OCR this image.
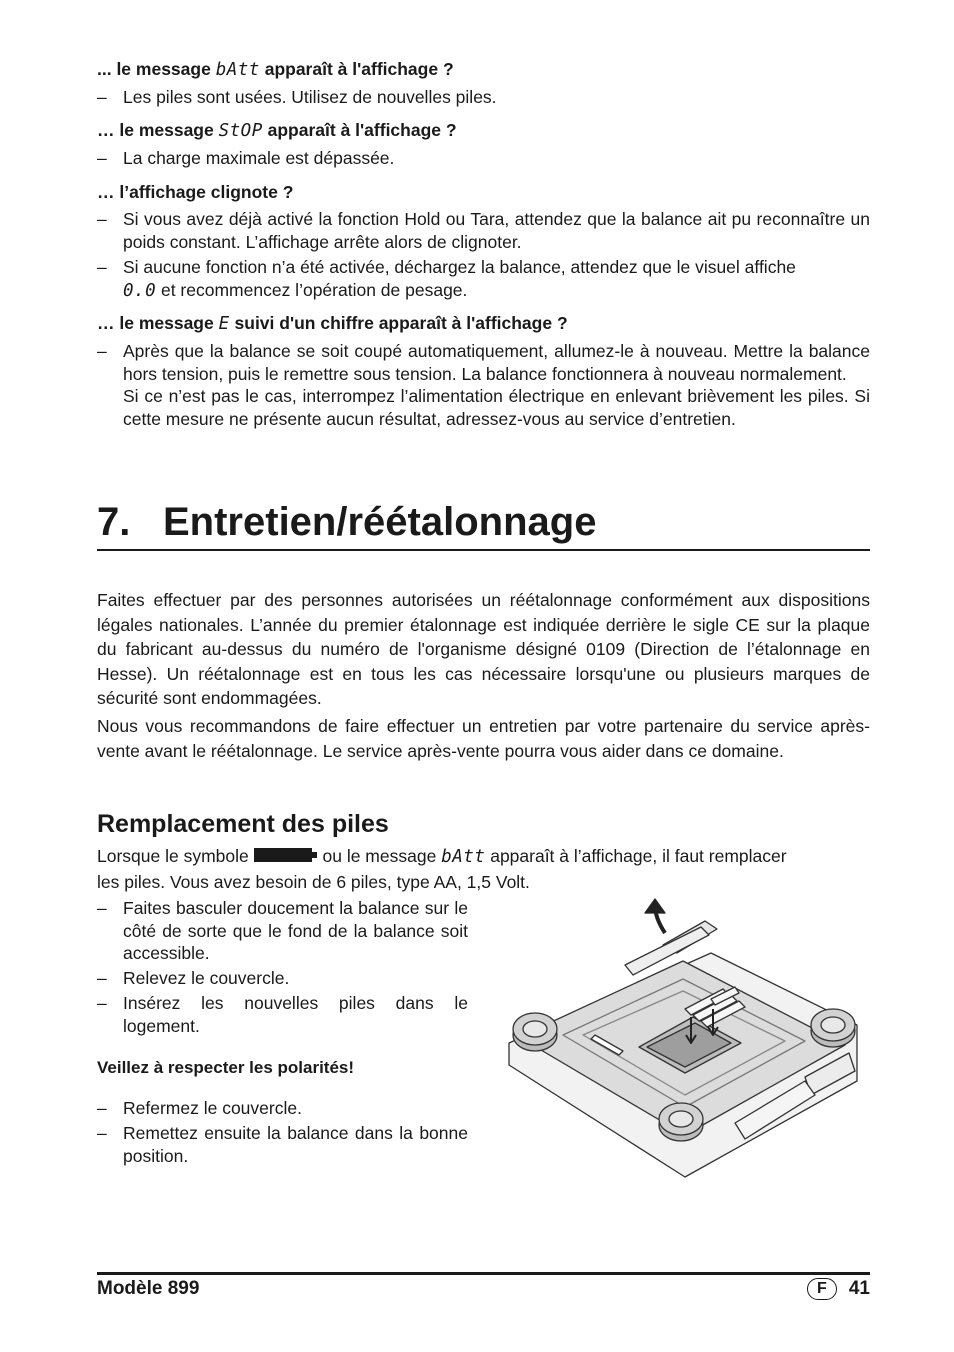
... le message bAtt apparaît à l'affichage ?
– Les piles sont usées. Utilisez de nouvelles piles.
… le message StOP apparaît à l'affichage ?
– La charge maximale est dépassée.
… l’affichage clignote ?
– Si vous avez déjà activé la fonction Hold ou Tara, attendez que la balance ait pu reconnaître un poids constant. L’affichage arrête alors de clignoter.
– Si aucune fonction n’a été activée, déchargez la balance, attendez que le visuel affiche
0.0 et recommencez l’opération de pesage.
… le message E suivi d'un chiffre apparaît à l'affichage ?
– Après que la balance se soit coupé automatiquement, allumez-le à nouveau. Mettre la balance hors tension, puis le remettre sous tension. La balance fonctionnera à nouveau normalement.
Si ce n’est pas le cas, interrompez l’alimentation électrique en enlevant brièvement les piles. Si cette mesure ne présente aucun résultat, adressez-vous au service d’entretien.
7. Entretien/réétalonnage
Faites effectuer par des personnes autorisées un réétalonnage conformément aux dispositions légales nationales. L’année du premier étalonnage est indiquée derrière le sigle CE sur la plaque du fabricant au-dessus du numéro de l'organisme désigné 0109 (Direction de l’étalonnage en Hesse). Un réétalonnage est en tous les cas nécessaire lorsqu'une ou plusieurs marques de sécurité sont endommagées.
Nous vous recommandons de faire effectuer un entretien par votre partenaire du service après-vente avant le réétalonnage. Le service après-vente pourra vous aider dans ce domaine.
Remplacement des piles
Lorsque le symbole	ou le message bAtt apparaît à l’affichage, il faut remplacer
les piles. Vous avez besoin de 6 piles, type AA, 1,5 Volt.
– Faites basculer doucement la balance sur le côté de sorte que le fond de la balance soit accessible.
– Relevez le couvercle.
– Insérez les nouvelles piles dans le logement.
Veillez à respecter les polarités!
– Refermez le couvercle.
– Remettez ensuite la balance dans la bonne position.
Modèle 899	F 41
